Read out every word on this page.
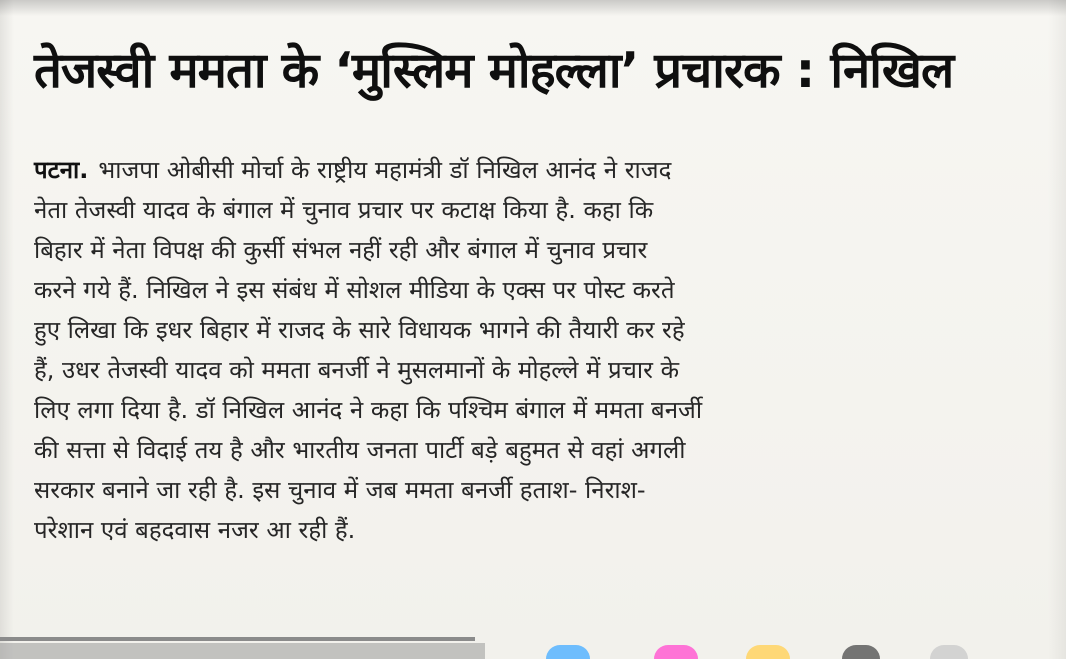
तेजस्वी ममता के ‘मुस्लिम मोहल्ला’ प्रचारक : निखिल
पटना. भाजपा ओबीसी मोर्चा के राष्ट्रीय महामंत्री डॉ निखिल आनंद ने राजद
नेता तेजस्वी यादव के बंगाल में चुनाव प्रचार पर कटाक्ष किया है. कहा कि
बिहार में नेता विपक्ष की कुर्सी संभल नहीं रही और बंगाल में चुनाव प्रचार
करने गये हैं. निखिल ने इस संबंध में सोशल मीडिया के एक्स पर पोस्ट करते
हुए लिखा कि इधर बिहार में राजद के सारे विधायक भागने की तैयारी कर रहे
हैं, उधर तेजस्वी यादव को ममता बनर्जी ने मुसलमानों के मोहल्ले में प्रचार के
लिए लगा दिया है. डॉ निखिल आनंद ने कहा कि पश्चिम बंगाल में ममता बनर्जी
की सत्ता से विदाई तय है और भारतीय जनता पार्टी बड़े बहुमत से वहां अगली
सरकार बनाने जा रही है. इस चुनाव में जब ममता बनर्जी हताश- निराश-
परेशान एवं बहदवास नजर आ रही हैं.
